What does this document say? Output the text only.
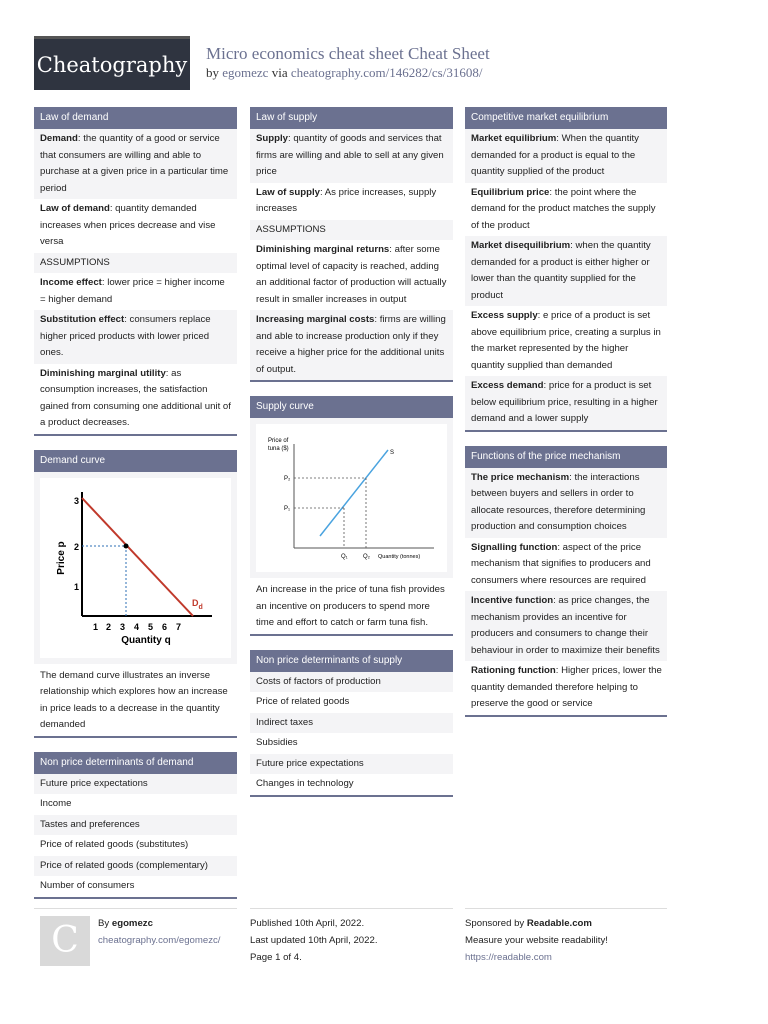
Cheatography Micro economics cheat sheet Cheat Sheet
by egomezc via cheatography.com/146282/cs/31608/
Law of demand
Demand: the quantity of a good or service that consumers are willing and able to purchase at a given price in a particular time period
Law of demand: quantity demanded increases when prices decrease and vise versa
ASSUMPTIONS
Income effect: lower price = higher income = higher demand
Substitution effect: consumers replace higher priced products with lower priced ones.
Diminishing marginal utility: as consumption increases, the satisfaction gained from consuming one additional unit of a product decreases.
Demand curve
Price p
3
2
1
1 2 3 4 5 6 7
$D_d$
Quantity q
The demand curve illustrates an inverse relationship which explores how an increase in price leads to a decrease in the quantity demanded
Non price determinants of demand
Future price expectations
Income
Tastes and preferences
Price of related goods (substitutes)
Price of related goods (complementary)
Number of consumers
Law of supply
Supply: quantity of goods and services that firms are willing and able to sell at any given price
Law of supply: As price increases, supply increases
ASSUMPTIONS
Diminishing marginal returns: after some optimal level of capacity is reached, adding an additional factor of production will actually result in smaller increases in output
Increasing marginal costs: firms are willing and able to increase production only if they receive a higher price for the additional units of output.
Supply curve
Price of
tuna ($)
S
P₂
P₁
Q₁	Q₂ Quantity (tonnes)
An increase in the price of tuna fish provides an incentive on producers to spend more time and effort to catch or farm tuna fish.
Non price determinants of supply
Costs of factors of production
Price of related goods
Indirect taxes
Subsidies
Future price expectations
Changes in technology
Competitive market equilibrium
Market equilibrium: When the quantity demanded for a product is equal to the quantity supplied of the product
Equilibrium price: the point where the demand for the product matches the supply of the product
Market disequilibrium: when the quantity demanded for a product is either higher or lower than the quantity supplied for the product
Excess supply: e price of a product is set above equilibrium price, creating a surplus in the market represented by the higher quantity supplied than demanded
Excess demand: price for a product is set below equilibrium price, resulting in a higher demand and a lower supply
Functions of the price mechanism
The price mechanism: the interactions between buyers and sellers in order to allocate resources, therefore determining production and consumption choices
Signalling function: aspect of the price mechanism that signifies to producers and consumers where resources are required
Incentive function: as price changes, the mechanism provides an incentive for producers and consumers to change their behaviour in order to maximize their benefits
Rationing function: Higher prices, lower the quantity demanded therefore helping to preserve the good or service
C	By egomezc
cheatography.com/egomezc/
Published 10th April, 2022.
Last updated 10th April, 2022.
Page 1 of 4.
Sponsored by Readable.com
Measure your website readability!
https://readable.com
